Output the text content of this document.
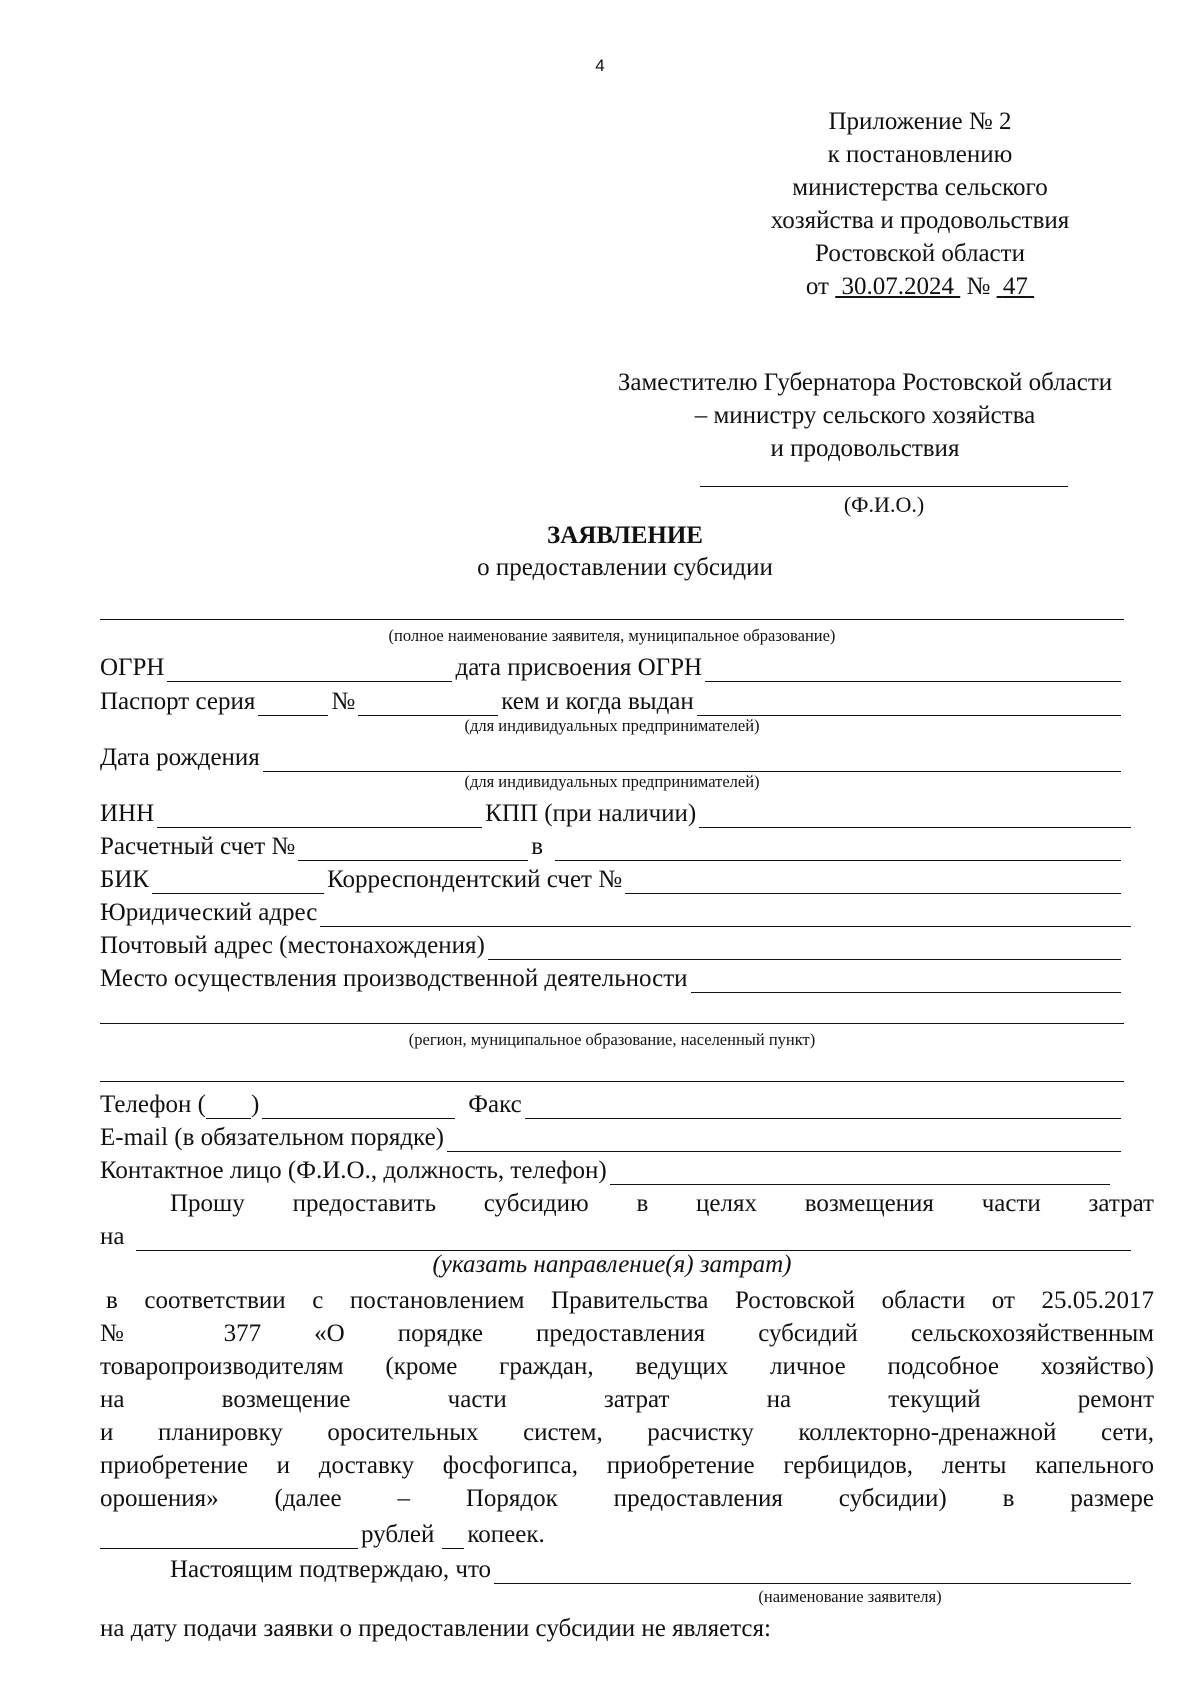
4
Приложение № 2
к постановлению
министерства сельского
хозяйства и продовольствия
Ростовской области
от 30.07.2024 № 47
Заместителю Губернатора Ростовской области
– министру сельского хозяйства
и продовольствия
(Ф.И.О.)
ЗАЯВЛЕНИЕ
о предоставлении субсидии
(полное наименование заявителя, муниципальное образование)
ОГРН	дата присвоения ОГРН
Паспорт серия	№	кем и когда выдан
(для индивидуальных предпринимателей)
Дата рождения
(для индивидуальных предпринимателей)
ИНН	КПП (при наличии)
Расчетный счет №	в
БИК	Корреспондентский счет №
Юридический адрес
Почтовый адрес (местонахождения)
Место осуществления производственной деятельности
(регион, муниципальное образование, населенный пункт)
Телефон ( )	Факс
E-mail (в обязательном порядке)
Контактное лицо (Ф.И.О., должность, телефон)
Прошу предоставить субсидию в целях возмещения части затрат
на
(указать направление(я) затрат)
в соответствии с постановлением Правительства Ростовской области от 25.05.2017
№ 377 «О порядке предоставления субсидий сельскохозяйственным
товаропроизводителям (кроме граждан, ведущих личное подсобное хозяйство)
на возмещение части затрат на текущий ремонт
и планировку оросительных систем, расчистку коллекторно-дренажной сети,
приобретение и доставку фосфогипса, приобретение гербицидов, ленты капельного
орошения» (далее – Порядок предоставления субсидии) в размере
рублей копеек.
Настоящим подтверждаю, что
(наименование заявителя)
на дату подачи заявки о предоставлении субсидии не является:
